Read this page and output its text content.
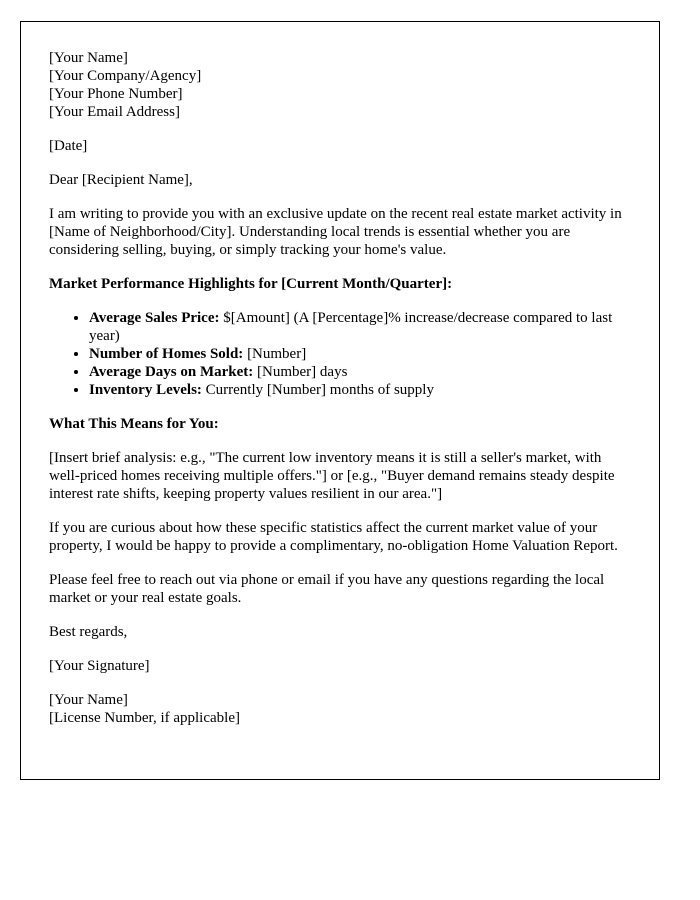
[Your Name]
[Your Company/Agency]
[Your Phone Number]
[Your Email Address]

[Date]

Dear [Recipient Name],

I am writing to provide you with an exclusive update on the recent real estate market activity in [Name of Neighborhood/City]. Understanding local trends is essential whether you are considering selling, buying, or simply tracking your home's value.

Market Performance Highlights for [Current Month/Quarter]:

• Average Sales Price: $[Amount] (A [Percentage]% increase/decrease compared to last year)
• Number of Homes Sold: [Number]
• Average Days on Market: [Number] days
• Inventory Levels: Currently [Number] months of supply

What This Means for You:

[Insert brief analysis: e.g., "The current low inventory means it is still a seller's market, with well-priced homes receiving multiple offers."] or [e.g., "Buyer demand remains steady despite interest rate shifts, keeping property values resilient in our area."]

If you are curious about how these specific statistics affect the current market value of your property, I would be happy to provide a complimentary, no-obligation Home Valuation Report.

Please feel free to reach out via phone or email if you have any questions regarding the local market or your real estate goals.

Best regards,

[Your Signature]

[Your Name]
[License Number, if applicable]
